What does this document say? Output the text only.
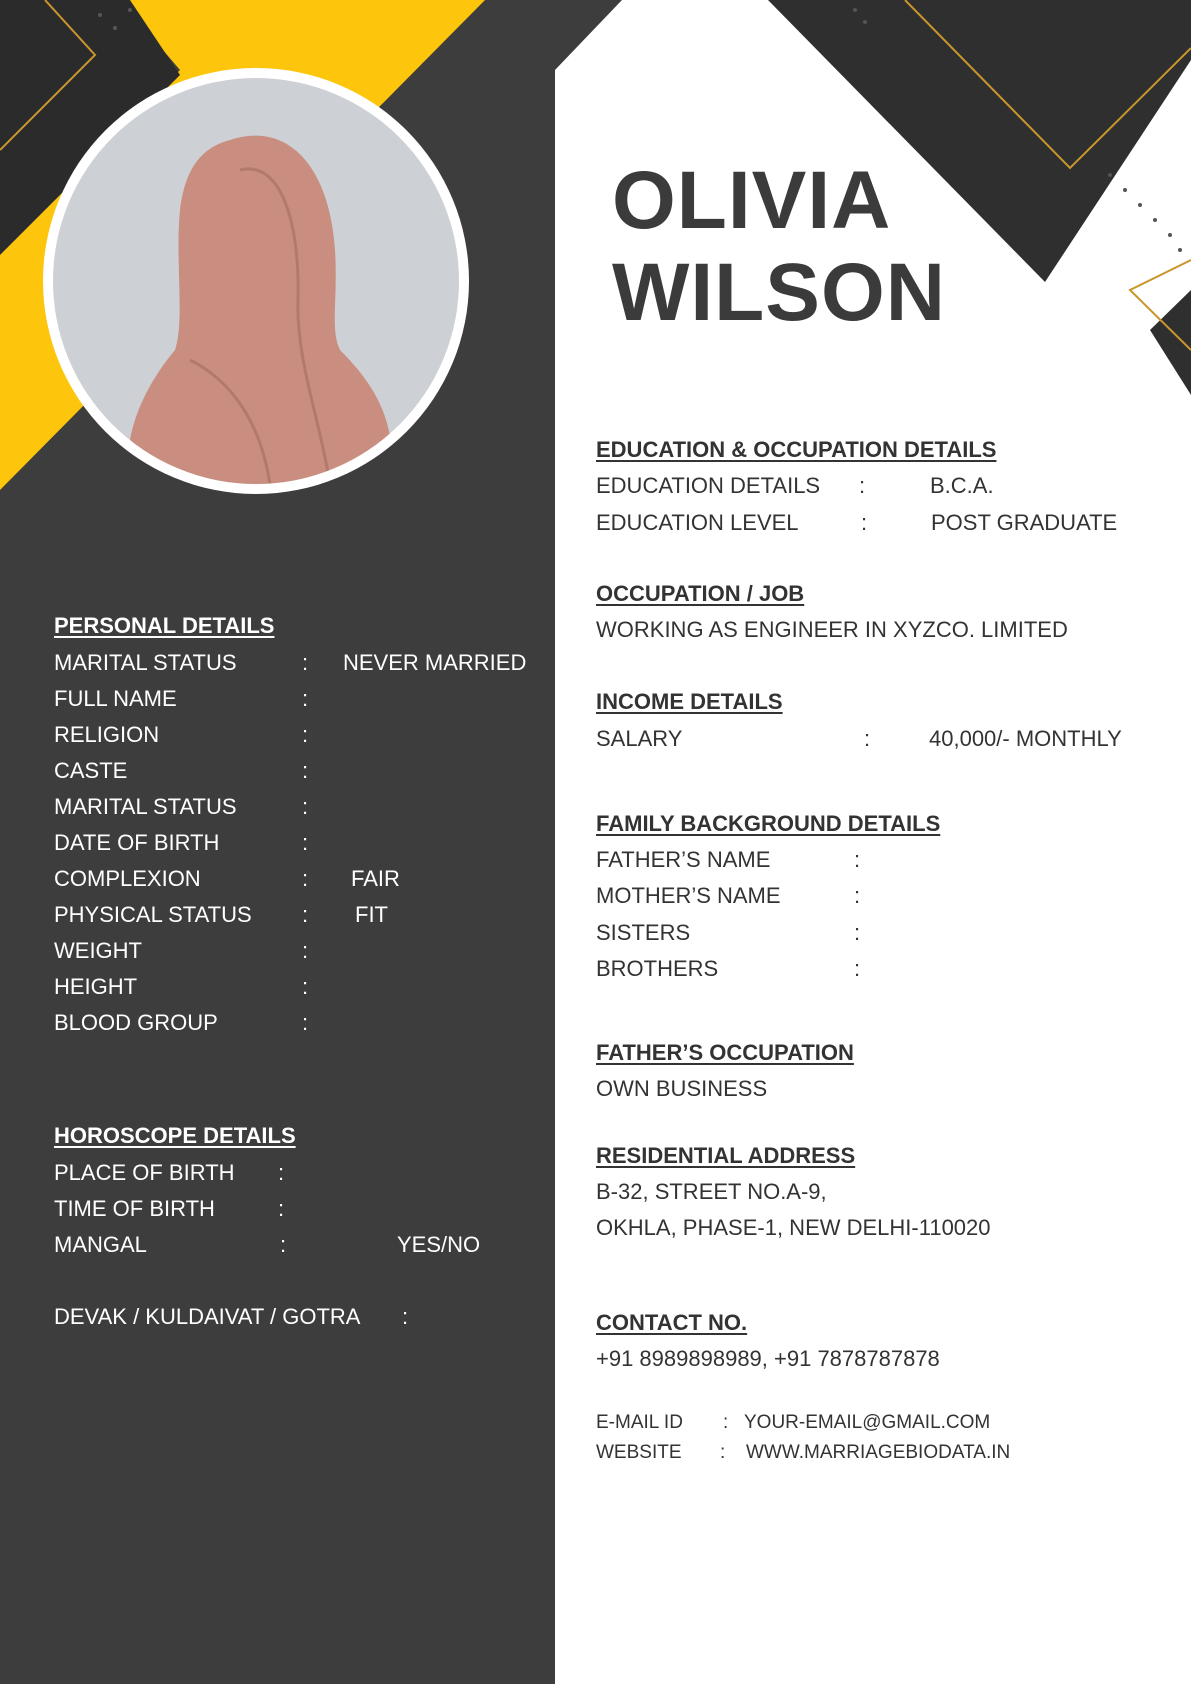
OLIVIA
WILSON
PERSONAL DETAILS
MARITAL STATUS	: NEVER MARRIED
FULL NAME	:
RELIGION	:
CASTE	:
MARITAL STATUS	:
DATE OF BIRTH	:
COMPLEXION	: FAIR
PHYSICAL STATUS : FIT
WEIGHT	:
HEIGHT	:
BLOOD GROUP	:
HOROSCOPE DETAILS
PLACE OF BIRTH :
TIME OF BIRTH	:
MANGAL	:	YES/NO
DEVAK / KULDAIVAT / GOTRA :
EDUCATION & OCCUPATION DETAILS
EDUCATION DETAILS :	B.C.A.
EDUCATION LEVEL	:	POST GRADUATE
OCCUPATION / JOB
WORKING AS ENGINEER IN XYZCO. LIMITED
INCOME DETAILS
SALARY	:	40,000/- MONTHLY
FAMILY BACKGROUND DETAILS
FATHER’S NAME	:
MOTHER’S NAME	:
SISTERS	:
BROTHERS	:
FATHER’S OCCUPATION
OWN BUSINESS
RESIDENTIAL ADDRESS
B-32, STREET NO.A-9,
OKHLA, PHASE-1, NEW DELHI-110020
CONTACT NO.
+91 8989898989, +91 7878787878
E-MAIL ID : YOUR-EMAIL@GMAIL.COM
WEBSITE : WWW.MARRIAGEBIODATA.IN
